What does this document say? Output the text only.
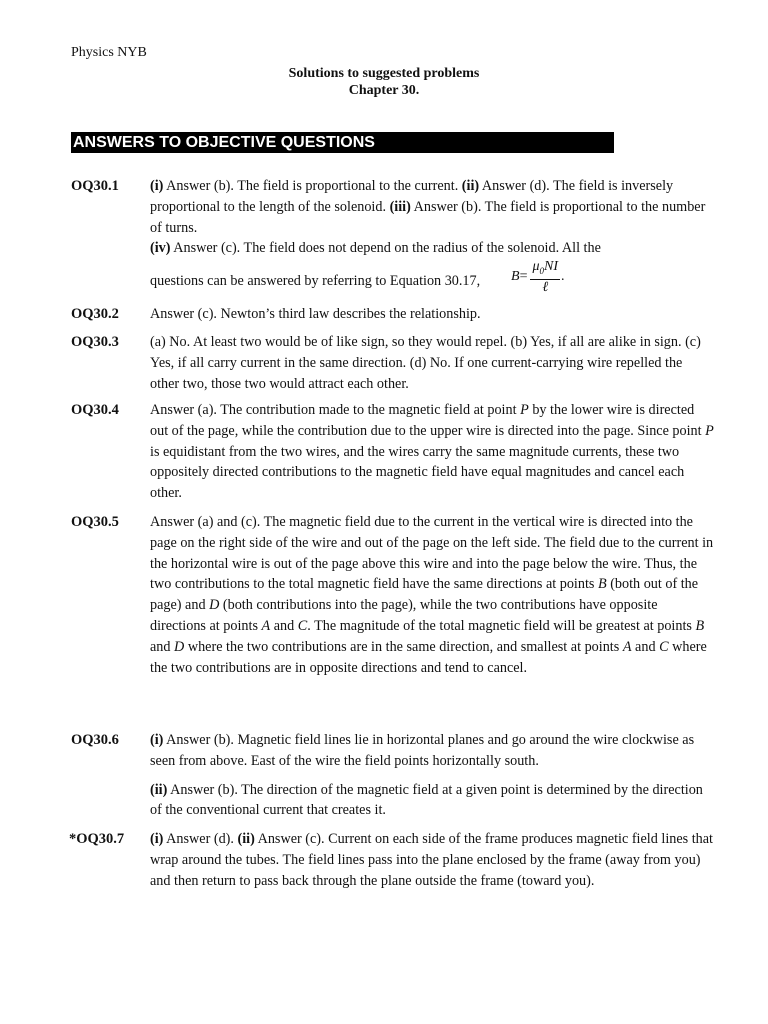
Physics NYB
Solutions to suggested problems
Chapter 30.
ANSWERS TO OBJECTIVE QUESTIONS
OQ30.1 (i) Answer (b). The field is proportional to the current. (ii) Answer (d). The field is inversely proportional to the length of the solenoid. (iii) Answer (b). The field is proportional to the number of turns.

(iv) Answer (c). The field does not depend on the radius of the solenoid. All the

questions can be answered by referring to Equation 30.17, $B = \frac{\mu_0NI}{\text{ℓ}}$ .
OQ30.2 Answer (c). Newton’s third law describes the relationship.
OQ30.3 (a) No. At least two would be of like sign, so they would repel. (b) Yes, if all are alike in sign. (c) Yes, if all carry current in the same direction. (d) No. If one current-carrying wire repelled the other two, those two would attract each other.
OQ30.4 Answer (a). The contribution made to the magnetic field at point P by the lower wire is directed out of the page, while the contribution due to the upper wire is directed into the page. Since point P is equidistant from the two wires, and the wires carry the same magnitude currents, these two oppositely directed contributions to the magnetic field have equal magnitudes and cancel each other.
OQ30.5 Answer (a) and (c). The magnetic field due to the current in the vertical wire is directed into the page on the right side of the wire and out of the page on the left side. The field due to the current in the horizontal wire is out of the page above this wire and into the page below the wire. Thus, the two contributions to the total magnetic field have the same directions at points B (both out of the page) and D (both contributions into the page), while the two contributions have opposite directions at points A and C. The magnitude of the total magnetic field will be greatest at points B and D where the two contributions are in the same direction, and smallest at points A and C where the two contributions are in opposite directions and tend to cancel.
OQ30.6 (i) Answer (b). Magnetic field lines lie in horizontal planes and go around the wire clockwise as seen from above. East of the wire the field points horizontally south.

(ii) Answer (b). The direction of the magnetic field at a given point is determined by the direction of the conventional current that creates it.

*OQ30.7 (i) Answer (d). (ii) Answer (c). Current on each side of the frame produces magnetic field lines that wrap around the tubes. The field lines pass into the plane enclosed by the frame (away from you) and then return to pass back through the plane outside the frame (toward you).
